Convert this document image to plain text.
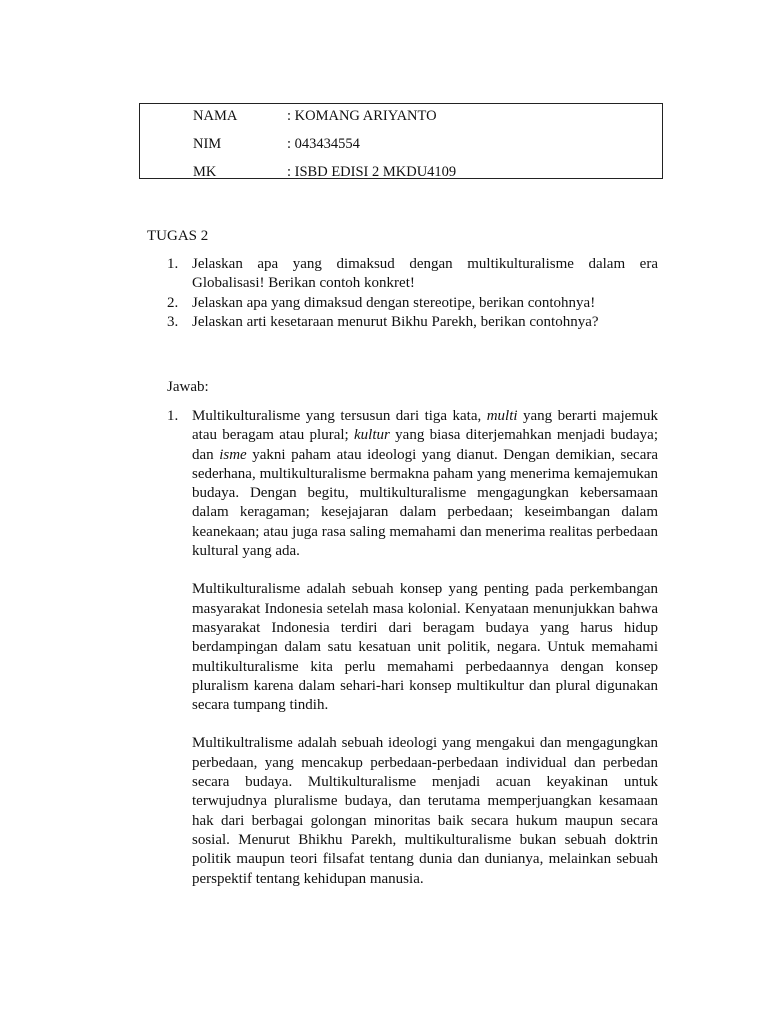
NAMA	: KOMANG ARIYANTO
NIM	: 043434554
MK	: ISBD EDISI 2 MKDU4109
TUGAS 2
1. Jelaskan apa yang dimaksud dengan multikulturalisme dalam era Globalisasi! Berikan contoh konkret!
2. Jelaskan apa yang dimaksud dengan stereotipe, berikan contohnya!
3. Jelaskan arti kesetaraan menurut Bikhu Parekh, berikan contohnya?
Jawab:
1. Multikulturalisme yang tersusun dari tiga kata, multi yang berarti majemuk atau beragam atau plural; kultur yang biasa diterjemahkan menjadi budaya; dan isme yakni paham atau ideologi yang dianut. Dengan demikian, secara sederhana, multikulturalisme bermakna paham yang menerima kemajemukan budaya. Dengan begitu, multikulturalisme mengagungkan kebersamaan dalam keragaman; kesejajaran dalam perbedaan; keseimbangan dalam keanekaan; atau juga rasa saling memahami dan menerima realitas perbedaan kultural yang ada.

Multikulturalisme adalah sebuah konsep yang penting pada perkembangan masyarakat Indonesia setelah masa kolonial. Kenyataan menunjukkan bahwa masyarakat Indonesia terdiri dari beragam budaya yang harus hidup berdampingan dalam satu kesatuan unit politik, negara. Untuk memahami multikulturalisme kita perlu memahami perbedaannya dengan konsep pluralism karena dalam sehari-hari konsep multikultur dan plural digunakan secara tumpang tindih.

Multikultralisme adalah sebuah ideologi yang mengakui dan mengagungkan perbedaan, yang mencakup perbedaan-perbedaan individual dan perbedan secara budaya. Multikulturalisme menjadi acuan keyakinan untuk terwujudnya pluralisme budaya, dan terutama memperjuangkan kesamaan hak dari berbagai golongan minoritas baik secara hukum maupun secara sosial. Menurut Bhikhu Parekh, multikulturalisme bukan sebuah doktrin politik maupun teori filsafat tentang dunia dan dunianya, melainkan sebuah perspektif tentang kehidupan manusia.
